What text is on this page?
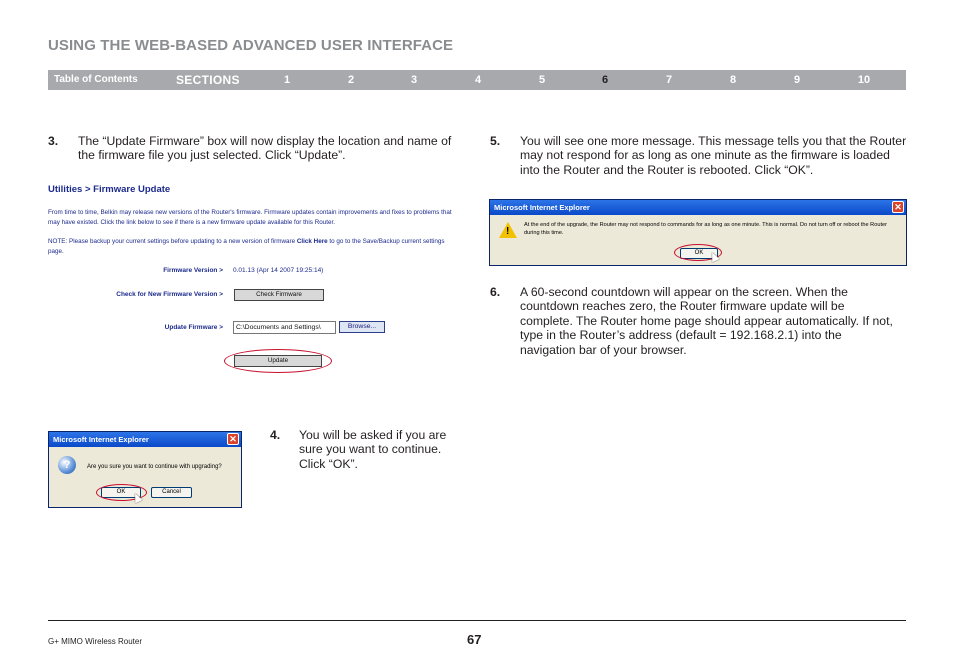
USING THE WEB-BASED ADVANCED USER INTERFACE
Table of Contents	SECTIONS	1	2	3	4	5	6	7	8	9	10
3. The “Update Firmware” box will now display the location and name of the firmware file you just selected. Click “Update”.
Utilities > Firmware Update
From time to time, Belkin may release new versions of the Router's firmware. Firmware updates contain improvements and fixes to problems that may have existed. Click the link below to see if there is a new firmware update available for this Router.
NOTE: Please backup your current settings before updating to a new version of firmware Click Here to go to the Save/Backup current settings page.
Firmware Version > 0.01.13 (Apr 14 2007 19:25:14)
Check for New Firmware Version >	Check Firmware
Update Firmware >	C:\Documents and Settings\	Browse...
Update
Microsoft Internet Explorer	✕
?	Are you sure you want to continue with upgrading?
OK	Cancel
4. You will be asked if you are sure you want to continue. Click “OK”.
5. You will see one more message. This message tells you that the Router may not respond for as long as one minute as the firmware is loaded into the Router and the Router is rebooted. Click “OK”.
Microsoft Internet Explorer	✕
!
At the end of the upgrade, the Router may not respond to commands for as long as one minute. This is normal. Do not turn off or reboot the Router during this time.
OK
6. A 60-second countdown will appear on the screen. When the countdown reaches zero, the Router firmware update will be complete. The Router home page should appear automatically. If not, type in the Router’s address (default = 192.168.2.1) into the navigation bar of your browser.
G+ MIMO Wireless Router	67
